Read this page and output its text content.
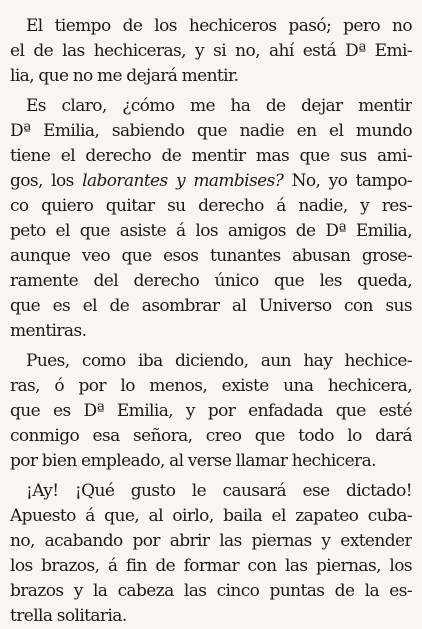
El tiempo de los hechiceros pasó; pero no
el de las hechiceras, y si no, ahí está Dª Emi-
lia, que no me dejará mentir.

Es claro, ¿cómo me ha de dejar mentir
Dª Emilia, sabiendo que nadie en el mundo
tiene el derecho de mentir mas que sus ami-
gos, los laborantes y mambises? No, yo tampo-
co quiero quitar su derecho á nadie, y res-
peto el que asiste á los amigos de Dª Emilia,
aunque veo que esos tunantes abusan grose-
ramente del derecho único que les queda,
que es el de asombrar al Universo con sus
mentiras.

Pues, como iba diciendo, aun hay hechice-
ras, ó por lo menos, existe una hechicera,
que es Dª Emilia, y por enfadada que esté
conmigo esa señora, creo que todo lo dará
por bien empleado, al verse llamar hechicera.

¡Ay! ¡Qué gusto le causará ese dictado!
Apuesto á que, al oirlo, baila el zapateo cuba-
no, acabando por abrir las piernas y extender
los brazos, á fin de formar con las piernas, los
brazos y la cabeza las cinco puntas de la es-
trella solitaria.
